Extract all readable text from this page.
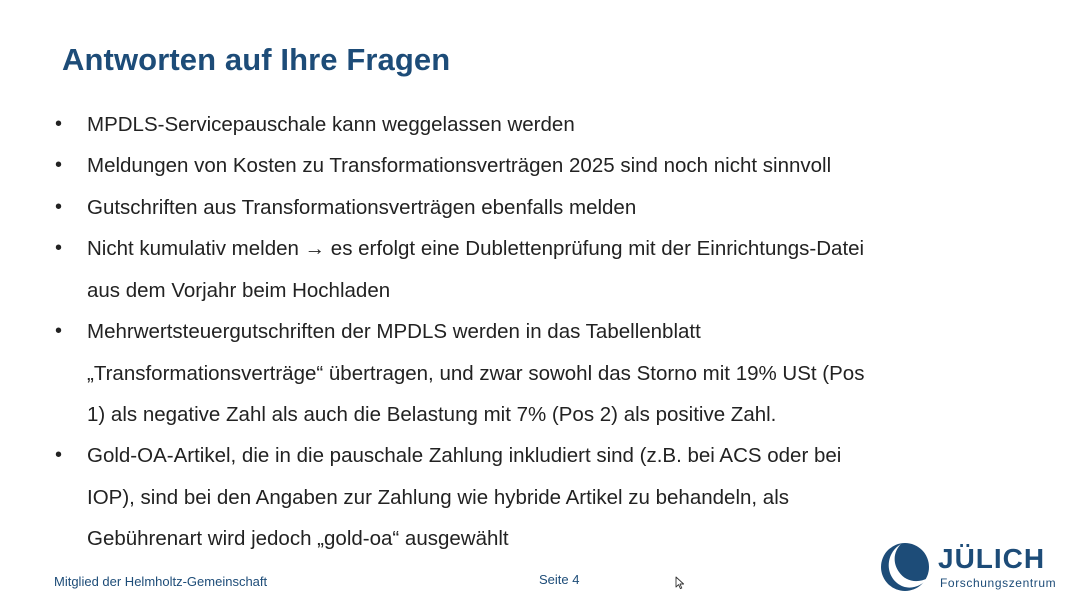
Antworten auf Ihre Fragen
• MPDLS-Servicepauschale kann weggelassen werden
• Meldungen von Kosten zu Transformationsverträgen 2025 sind noch nicht sinnvoll
• Gutschriften aus Transformationsverträgen ebenfalls melden
• Nicht kumulativ melden → es erfolgt eine Dublettenprüfung mit der Einrichtungs-Datei
aus dem Vorjahr beim Hochladen
• Mehrwertsteuergutschriften der MPDLS werden in das Tabellenblatt
„Transformationsverträge“ übertragen, und zwar sowohl das Storno mit 19% USt (Pos
1) als negative Zahl als auch die Belastung mit 7% (Pos 2) als positive Zahl.
• Gold-OA-Artikel, die in die pauschale Zahlung inkludiert sind (z.B. bei ACS oder bei
IOP), sind bei den Angaben zur Zahlung wie hybride Artikel zu behandeln, als
Gebührenart wird jedoch „gold-oa“ ausgewählt
Mitglied der Helmholtz-Gemeinschaft	Seite 4
JÜLICH
Forschungszentrum
